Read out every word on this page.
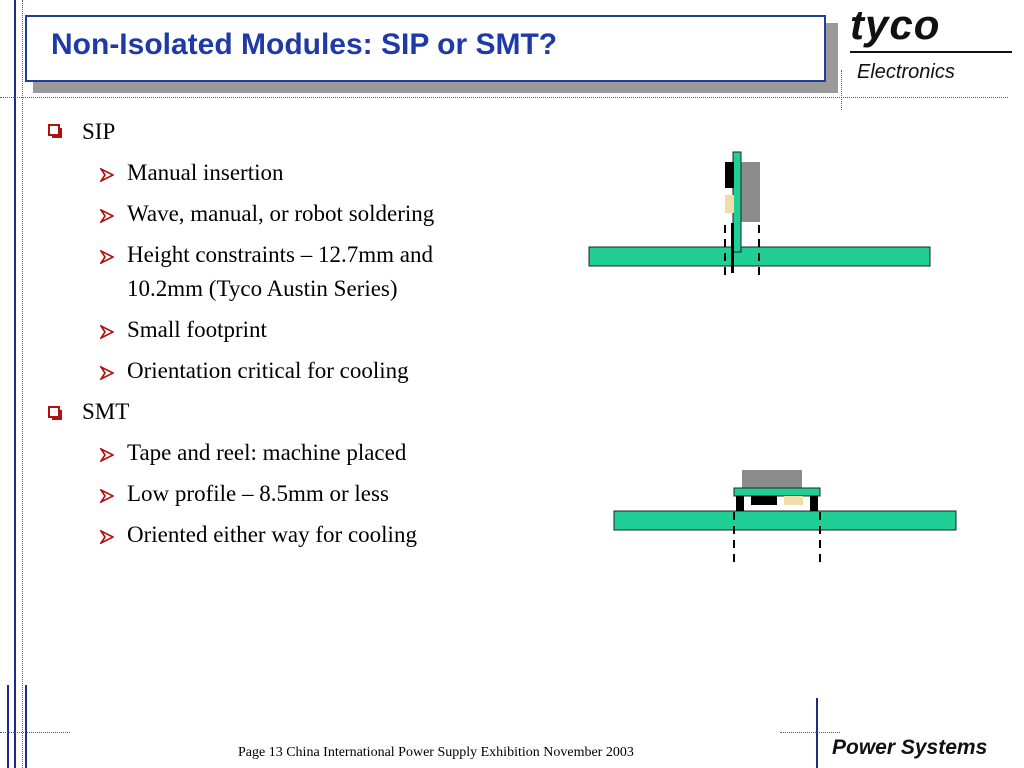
Non-Isolated Modules: SIP or SMT?	tyco
Electronics
Power Systems
SIP
Manual insertion
Wave, manual, or robot soldering
Height constraints – 12.7mm and
10.2mm (Tyco Austin Series)
Small footprint
Orientation critical for cooling
SMT
Tape and reel: machine placed
Low profile – 8.5mm or less
Oriented either way for cooling
Page 13 China International Power Supply Exhibition November 2003
